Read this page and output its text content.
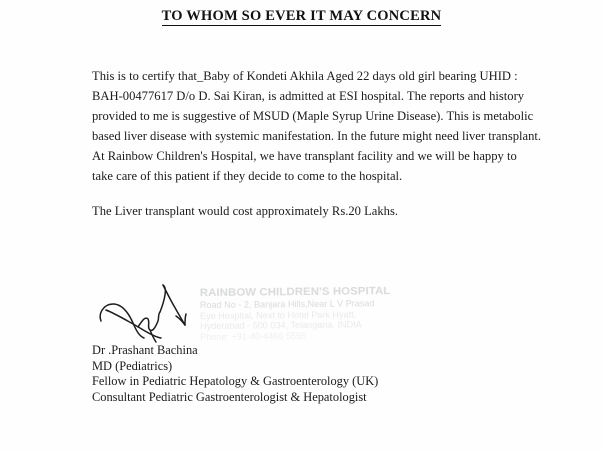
TO WHOM SO EVER IT MAY CONCERN
This is to certify that_Baby of Kondeti Akhila Aged 22 days old girl bearing UHID :
BAH-00477617 D/o D. Sai Kiran, is admitted at ESI hospital. The reports and history
provided to me is suggestive of MSUD (Maple Syrup Urine Disease). This is metabolic
based liver disease with systemic manifestation. In the future might need liver transplant.
At Rainbow Children's Hospital, we have transplant facility and we will be happy to
take care of this patient if they decide to come to the hospital.
The Liver transplant would cost approximately Rs.20 Lakhs.
Dr .Prashant Bachina
MD (Pediatrics)
Fellow in Pediatric Hepatology & Gastroenterology (UK)
Consultant Pediatric Gastroenterologist & Hepatologist
RAINBOW CHILDREN'S HOSPITAL
Road No - 2, Banjara Hills,Near L V Prasad
Eye Hospital, Next to Hotel Park Hyatt,
Hyderabad - 500 034, Telangana, INDIA
Phone: +91-40-4466 5555
